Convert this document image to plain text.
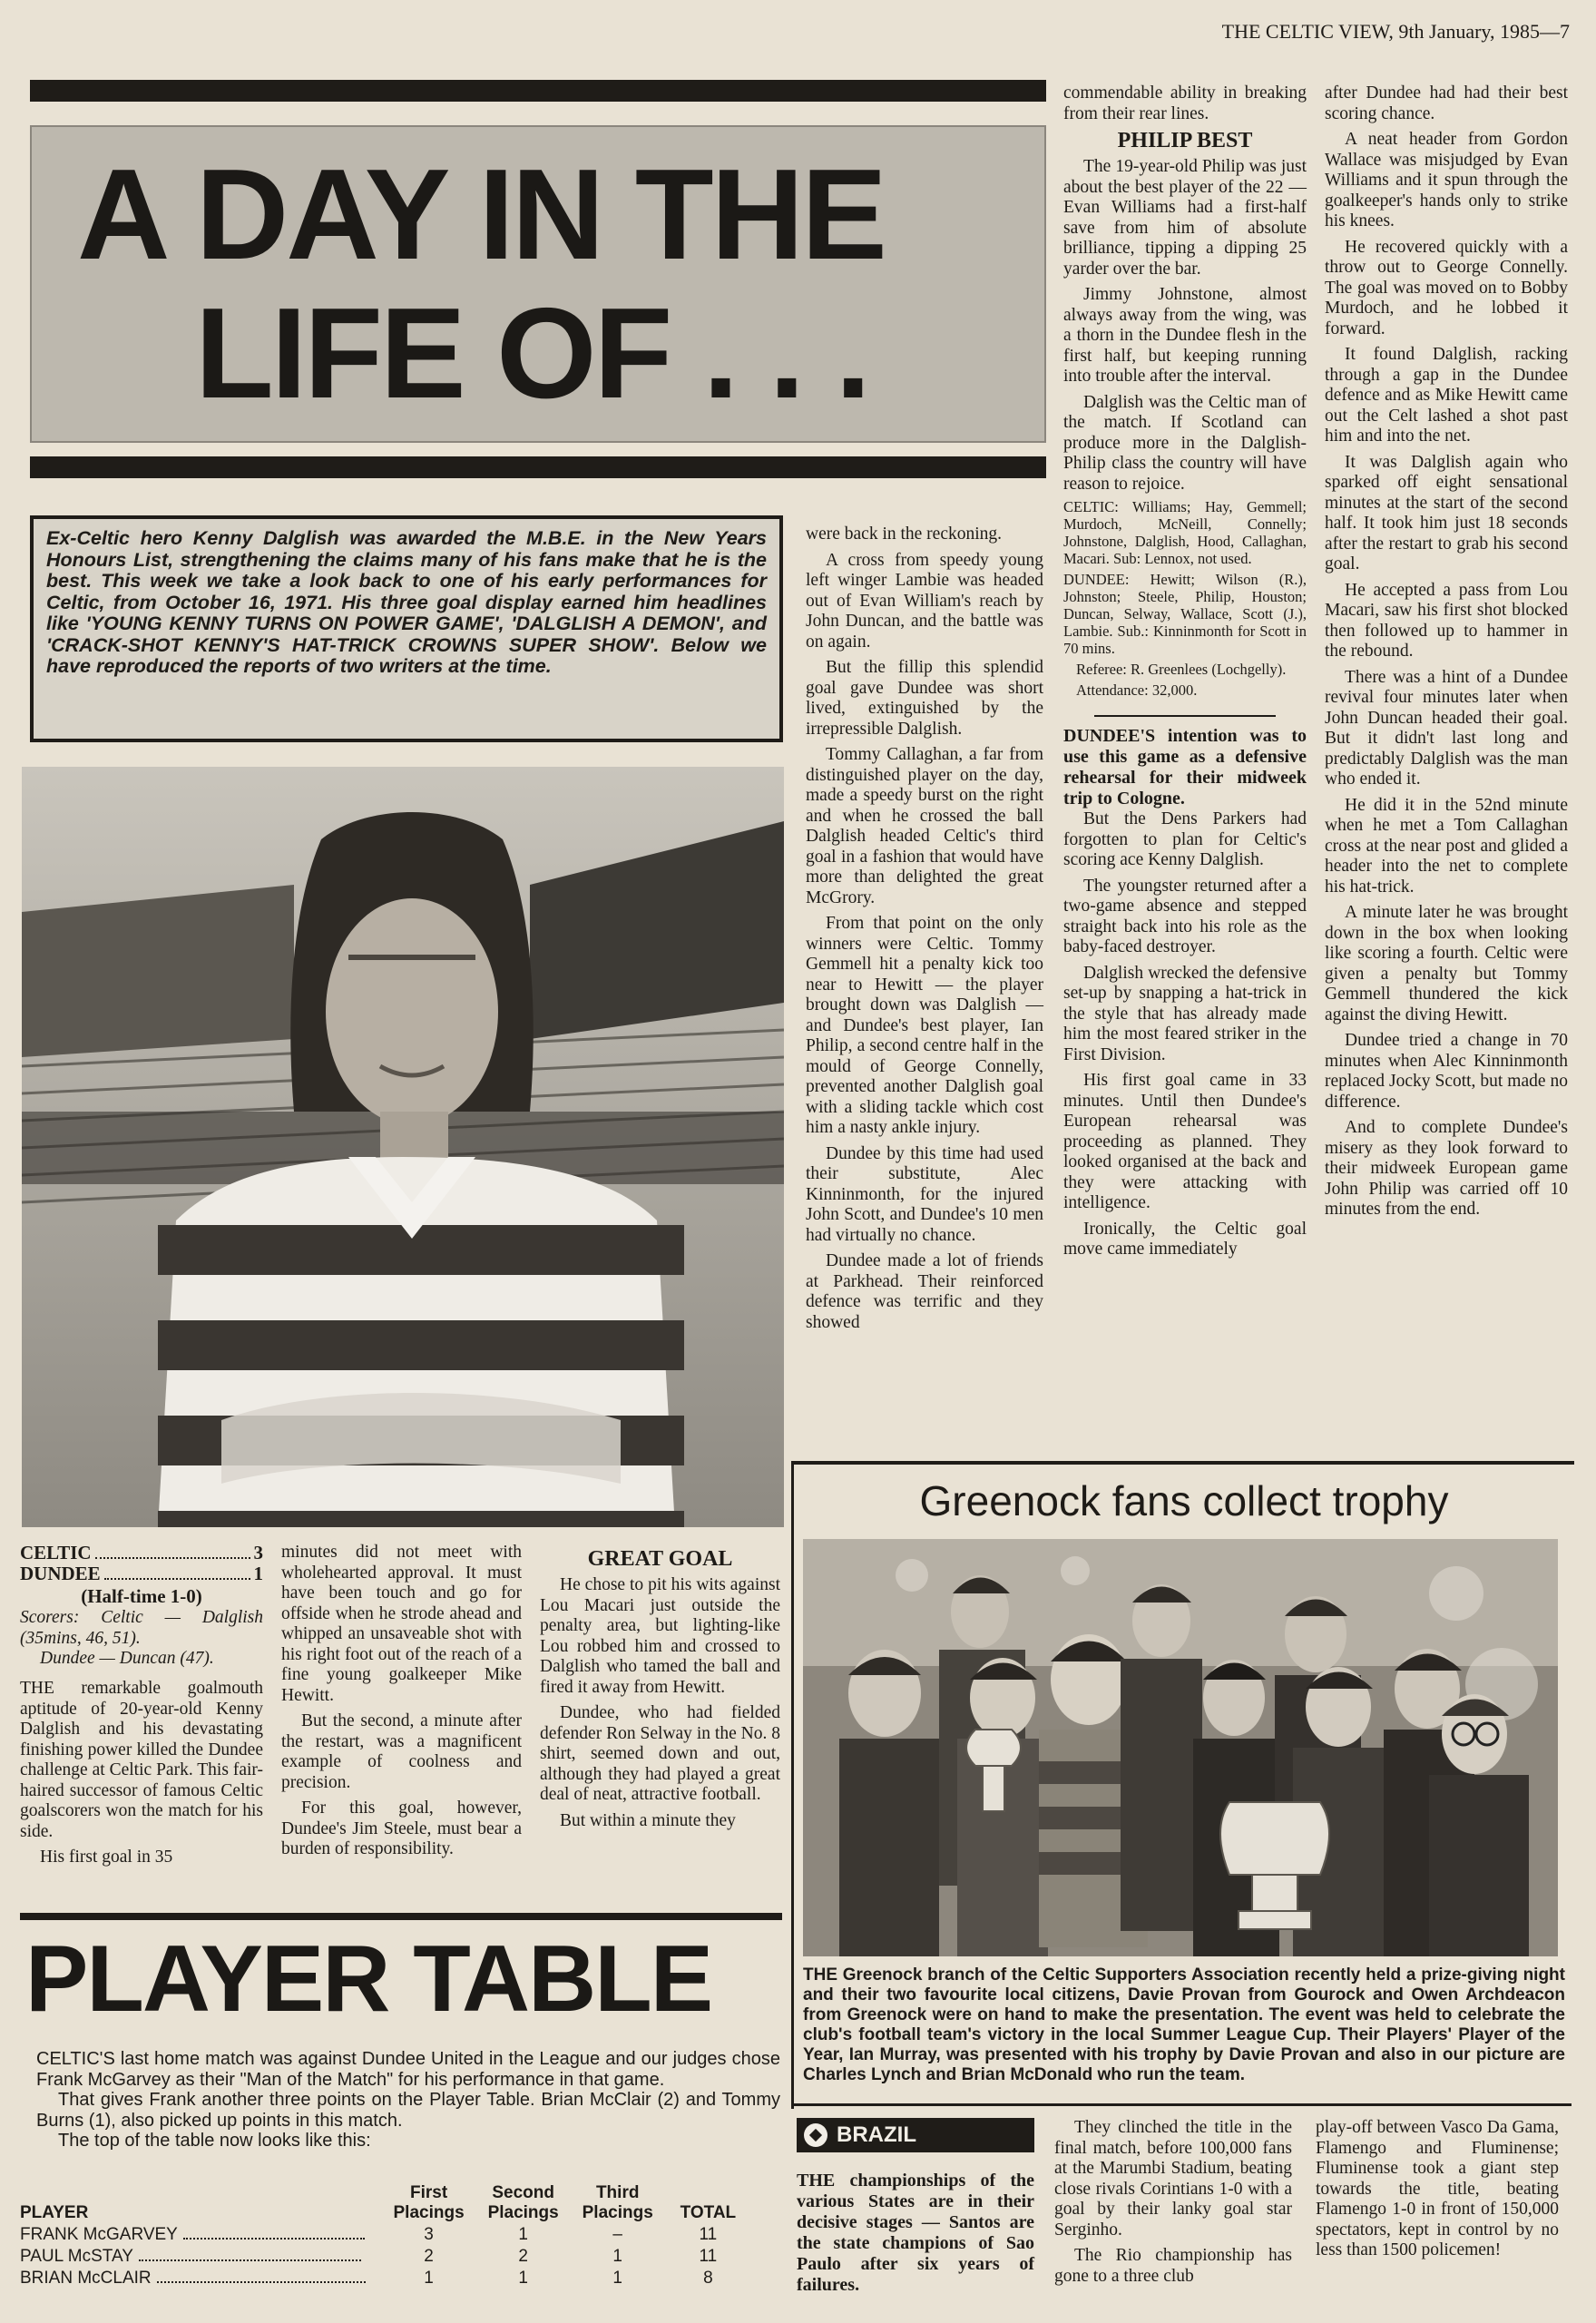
THE CELTIC VIEW, 9th January, 1985—7
A DAY IN THE
LIFE OF . . .
Ex-Celtic hero Kenny Dalglish was awarded the M.B.E. in the New Years Honours List, strengthening the claims many of his fans make that he is the best. This week we take a look back to one of his early performances for Celtic, from October 16, 1971. His three goal display earned him headlines like 'YOUNG KENNY TURNS ON POWER GAME', 'DALGLISH A DEMON', and 'CRACK-SHOT KENNY'S HAT-TRICK CROWNS SUPER SHOW'. Below we have reproduced the reports of two writers at the time.
CELTIC	3
DUNDEE	1
(Half-time 1-0)
Scorers: Celtic — Dalglish (35mins, 46, 51).
Dundee — Duncan (47).

THE remarkable goalmouth aptitude of 20-year-old Kenny Dalglish and his devastating finishing power killed the Dundee challenge at Celtic Park. This fair-haired successor of famous Celtic goalscorers won the match for his side.

His first goal in 35

minutes did not meet with wholehearted approval. It must have been touch and go for offside when he strode ahead and whipped an unsaveable shot with his right foot out of the reach of a fine young goalkeeper Mike Hewitt.

But the second, a minute after the restart, was a magnificent example of coolness and precision.

For this goal, however, Dundee's Jim Steele, must bear a burden of responsibility.

GREAT GOAL

He chose to pit his wits against Lou Macari just outside the penalty area, but lighting-like Lou robbed him and crossed to Dalglish who tamed the ball and fired it away from Hewitt.

Dundee, who had fielded defender Ron Selway in the No. 8 shirt, seemed down and out, although they had played a great deal of neat, attractive football.

But within a minute they

were back in the reckoning.

A cross from speedy young left winger Lambie was headed out of Evan William's reach by John Duncan, and the battle was on again.

But the fillip this splendid goal gave Dundee was short lived, extinguished by the irrepressible Dalglish.

Tommy Callaghan, a far from distinguished player on the day, made a speedy burst on the right and when he crossed the ball Dalglish headed Celtic's third goal in a fashion that would have more than delighted the great McGrory.

From that point on the only winners were Celtic. Tommy Gemmell hit a penalty kick too near to Hewitt — the player brought down was Dalglish — and Dundee's best player, Ian Philip, a second centre half in the mould of George Connelly, prevented another Dalglish goal with a sliding tackle which cost him a nasty ankle injury.

Dundee by this time had used their substitute, Alec Kinninmonth, for the injured John Scott, and Dundee's 10 men had virtually no chance.

Dundee made a lot of friends at Parkhead. Their reinforced defence was terrific and they showed

commendable ability in breaking from their rear lines.

PHILIP BEST

The 19-year-old Philip was just about the best player of the 22 — Evan Williams had a first-half save from him of absolute brilliance, tipping a dipping 25 yarder over the bar.

Jimmy Johnstone, almost always away from the wing, was a thorn in the Dundee flesh in the first half, but keeping running into trouble after the interval.

Dalglish was the Celtic man of the match. If Scotland can produce more in the Dalglish-Philip class the country will have reason to rejoice.

CELTIC: Williams; Hay, Gemmell; Murdoch, McNeill, Connelly; Johnstone, Dalglish, Hood, Callaghan, Macari. Sub: Lennox, not used.
DUNDEE: Hewitt; Wilson (R.), Johnston; Steele, Philip, Houston; Duncan, Selway, Wallace, Scott (J.), Lambie. Sub.: Kinninmonth for Scott in 70 mins.
Referee: R. Greenlees (Lochgelly).
Attendance: 32,000.
DUNDEE'S intention was to use this game as a defensive rehearsal for their midweek trip to Cologne.

But the Dens Parkers had forgotten to plan for Celtic's scoring ace Kenny Dalglish.

The youngster returned after a two-game absence and stepped straight back into his role as the baby-faced destroyer.

Dalglish wrecked the defensive set-up by snapping a hat-trick in the style that has already made him the most feared striker in the First Division.

His first goal came in 33 minutes. Until then Dundee's European rehearsal was proceeding as planned. They looked organised at the back and they were attacking with intelligence.

Ironically, the Celtic goal move came immediately

after Dundee had had their best scoring chance.

A neat header from Gordon Wallace was misjudged by Evan Williams and it spun through the goalkeeper's hands only to strike his knees.

He recovered quickly with a throw out to George Connelly. The goal was moved on to Bobby Murdoch, and he lobbed it forward.

It found Dalglish, racking through a gap in the Dundee defence and as Mike Hewitt came out the Celt lashed a shot past him and into the net.

It was Dalglish again who sparked off eight sensational minutes at the start of the second half. It took him just 18 seconds after the restart to grab his second goal.

He accepted a pass from Lou Macari, saw his first shot blocked then followed up to hammer in the rebound.

There was a hint of a Dundee revival four minutes later when John Duncan headed their goal. But it didn't last long and predictably Dalglish was the man who ended it.

He did it in the 52nd minute when he met a Tom Callaghan cross at the near post and glided a header into the net to complete his hat-trick.

A minute later he was brought down in the box when looking like scoring a fourth. Celtic were given a penalty but Tommy Gemmell thundered the kick against the diving Hewitt.

Dundee tried a change in 70 minutes when Alec Kinninmonth replaced Jocky Scott, but made no difference.

And to complete Dundee's misery as they look forward to their midweek European game John Philip was carried off 10 minutes from the end.

Greenock fans collect trophy
THE Greenock branch of the Celtic Supporters Association recently held a prize-giving night and their two favourite local citizens, Davie Provan from Gourock and Owen Archdeacon from Greenock were on hand to make the presentation. The event was held to celebrate the club's football team's victory in the local Summer League Cup. Their Players' Player of the Year, Ian Murray, was presented with his trophy by Davie Provan and also in our picture are Charles Lynch and Brian McDonald who run the team.
PLAYER TABLE
CELTIC'S last home match was against Dundee United in the League and our judges chose Frank McGarvey as their "Man of the Match" for his performance in that game.
That gives Frank another three points on the Player Table. Brian McClair (2) and Tommy Burns (1), also picked up points in this match.
The top of the table now looks like this:
PLAYER	First Placings	Second Placings	Third Placings	TOTAL
FRANK McGARVEY	3	1	–	11
PAUL McSTAY	2	2	1	11
BRIAN McCLAIR	1	1	1	8
BRAZIL
THE championships of the various States are in their decisive stages — Santos are the state champions of Sao Paulo after six years of failures.

They clinched the title in the final match, before 100,000 fans at the Marumbi Stadium, beating close rivals Corintians 1-0 with a goal by their lanky goal star Serginho.

The Rio championship has gone to a three club

play-off between Vasco Da Gama, Flamengo and Fluminense; Fluminense took a giant step towards the title, beating Flamengo 1-0 in front of 150,000 spectators, kept in control by no less than 1500 policemen!
